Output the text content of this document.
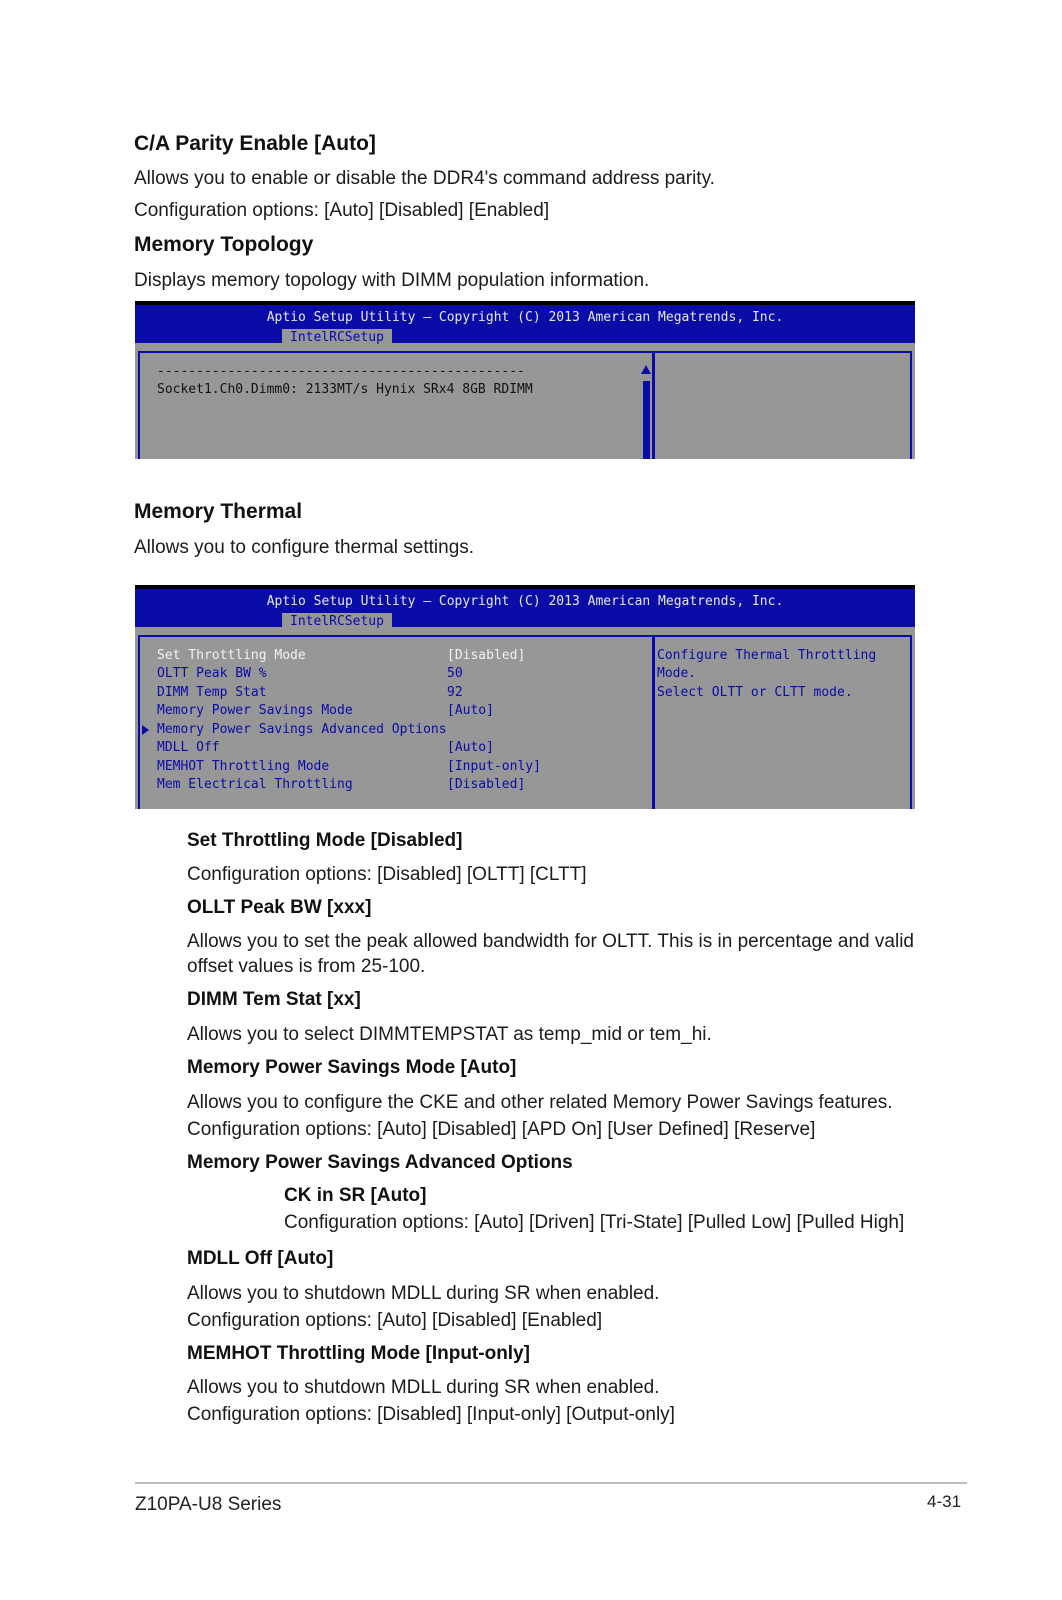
C/A Parity Enable [Auto]
Allows you to enable or disable the DDR4's command address parity.
Configuration options: [Auto] [Disabled] [Enabled]
Memory Topology
Displays memory topology with DIMM population information.
Aptio Setup Utility – Copyright (C) 2013 American Megatrends, Inc.
IntelRCSetup
-----------------------------------------------
Socket1.Ch0.Dimm0: 2133MT/s Hynix SRx4 8GB RDIMM
Memory Thermal
Allows you to configure thermal settings.
Aptio Setup Utility – Copyright (C) 2013 American Megatrends, Inc.
IntelRCSetup
Set Throttling Mode	[Disabled]
OLTT Peak BW %	50
DIMM Temp Stat	92
Memory Power Savings Mode	[Auto]
Memory Power Savings Advanced Options
MDLL Off	[Auto]
MEMHOT Throttling Mode	[Input-only]
Mem Electrical Throttling	[Disabled]
Configure Thermal Throttling
Mode.
Select OLTT or CLTT mode.
Set Throttling Mode [Disabled]
Configuration options: [Disabled] [OLTT] [CLTT]
OLLT Peak BW [xxx]
Allows you to set the peak allowed bandwidth for OLTT. This is in percentage and valid offset values is from 25-100.
DIMM Tem Stat [xx]
Allows you to select DIMMTEMPSTAT as temp_mid or tem_hi.
Memory Power Savings Mode [Auto]
Allows you to configure the CKE and other related Memory Power Savings features.
Configuration options: [Auto] [Disabled] [APD On] [User Defined] [Reserve]
Memory Power Savings Advanced Options
CK in SR [Auto]
Configuration options: [Auto] [Driven] [Tri-State] [Pulled Low] [Pulled High]
MDLL Off [Auto]
Allows you to shutdown MDLL during SR when enabled.
Configuration options: [Auto] [Disabled] [Enabled]
MEMHOT Throttling Mode [Input-only]
Allows you to shutdown MDLL during SR when enabled.
Configuration options: [Disabled] [Input-only] [Output-only]
Z10PA-U8 Series	4-31
